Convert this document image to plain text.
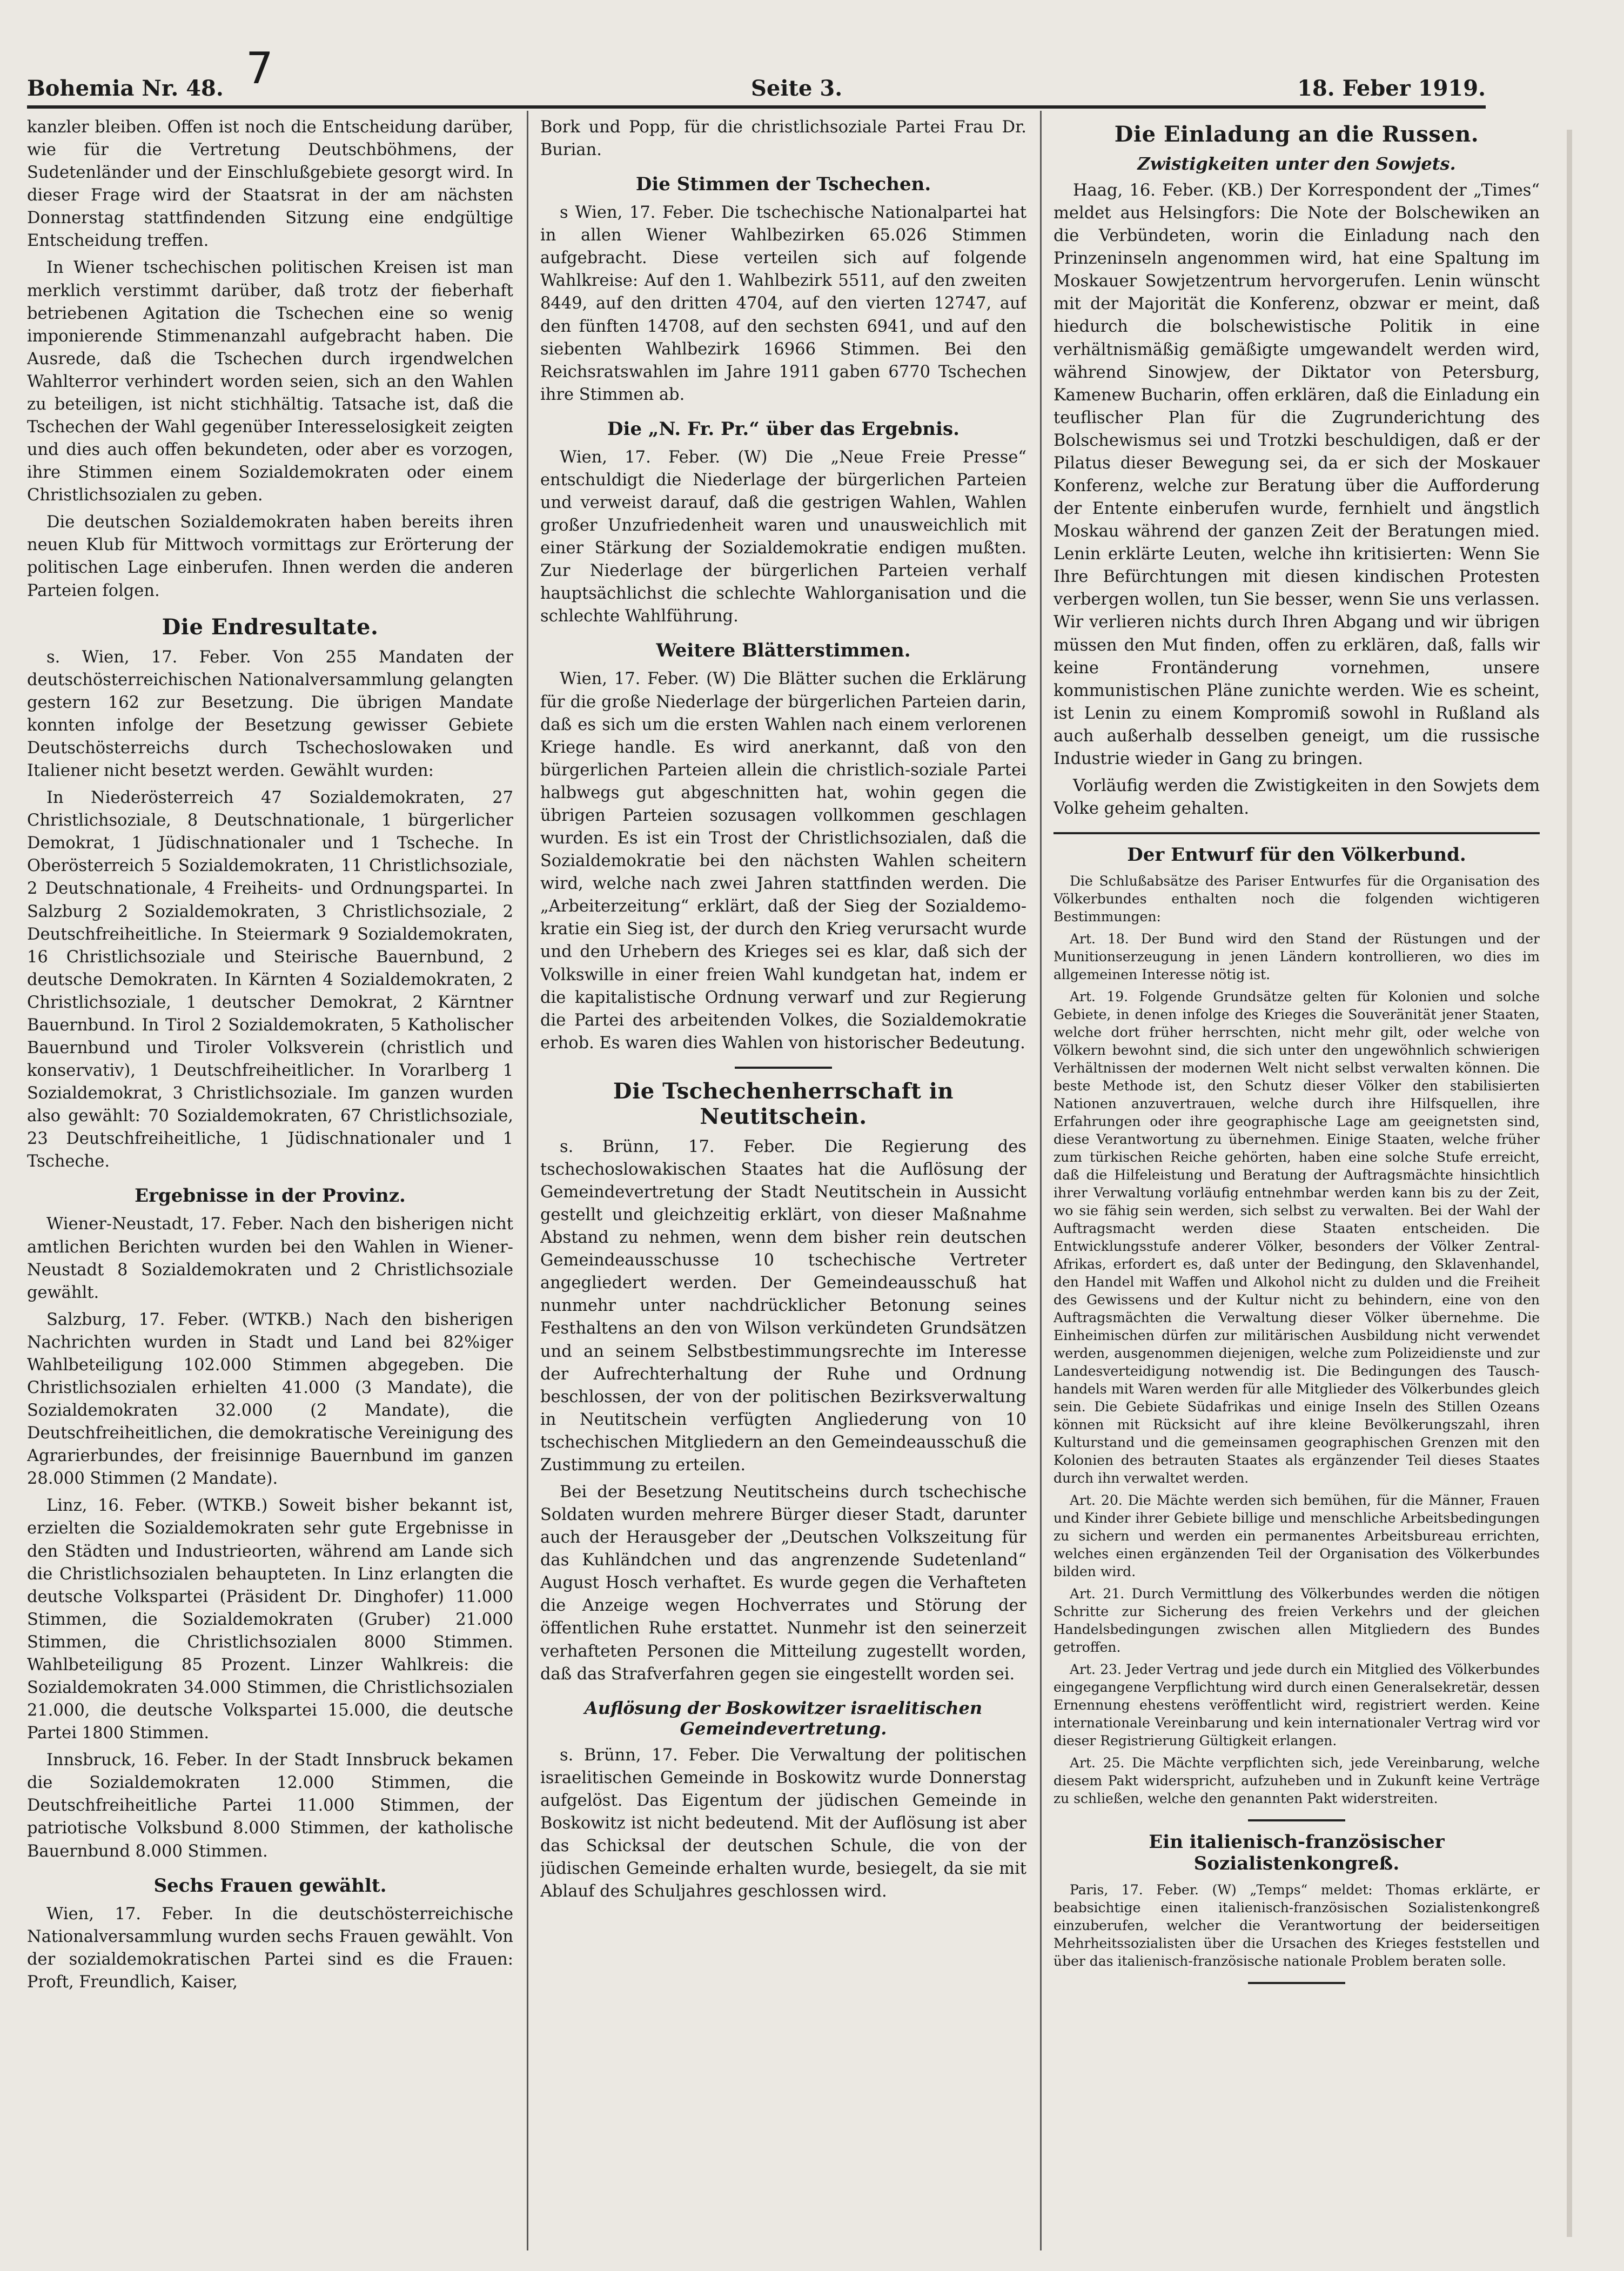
Bohemia Nr. 48. 7	Seite 3.	18. Feber 1919.

kanzler bleiben. Offen ist noch die Entscheidung darüber, wie für die Vertretung Deutschböhmens, der Sudetenländer und der Einschlußgebiete gesorgt wird. In dieser Frage wird der Staatsrat in der am nächsten Donnerstag stattfindenden Sitzung eine endgültige Entscheidung treffen.

In Wiener tschechischen politischen Kreisen ist man merklich verstimmt darüber, daß trotz der fieberhaft betriebenen Agitation die Tschechen eine so wenig imponierende Stimmenanzahl aufgebracht haben. Die Ausrede, daß die Tschechen durch irgendwelchen Wahlterror verhindert worden seien, sich an den Wahlen zu beteiligen, ist nicht stichhältig. Tatsache ist, daß die Tschechen der Wahl gegenüber Interesselosigkeit zeigten und dies auch offen bekundeten, oder aber es vorzogen, ihre Stimmen einem Sozialdemokraten oder einem Christlichsozialen zu geben.

Die deutschen Sozialdemokraten haben bereits ihren neuen Klub für Mittwoch vormittags zur Erörterung der politischen Lage einberufen. Ihnen werden die anderen Parteien folgen.

Die Endresultate.

s. Wien, 17. Feber. Von 255 Mandaten der deutschösterreichischen Nationalversammlung gelangten gestern 162 zur Besetzung. Die übrigen Mandate konnten infolge der Besetzung gewisser Gebiete Deutschösterreichs durch Tschechoslowaken und Italiener nicht besetzt werden. Gewählt wurden:

In Niederösterreich 47 Sozialdemokraten, 27 Christlichsoziale, 8 Deutschnationale, 1 bürgerlicher Demokrat, 1 Jüdischnationaler und 1 Tscheche. In Oberösterreich 5 Sozialdemokraten, 11 Christlichsoziale, 2 Deutschnationale, 4 Freiheits- und Ordnungspartei. In Salzburg 2 Sozialdemokraten, 3 Christlichsoziale, 2 Deutschfreiheitliche. In Steiermark 9 Sozialdemokraten, 16 Christlichsoziale und Steirische Bauernbund, 2 deutsche Demokraten. In Kärnten 4 Sozialdemokraten, 2 Christlichsoziale, 1 deutscher Demokrat, 2 Kärntner Bauernbund. In Tirol 2 Sozialdemokraten, 5 Katholischer Bauernbund und Tiroler Volksverein (christlich und konservativ), 1 Deutschfreiheitlicher. In Vorarlberg 1 Sozialdemokrat, 3 Christlichsoziale. Im ganzen wurden also gewählt: 70 Sozialdemokraten, 67 Christlichsoziale, 23 Deutschfreiheitliche, 1 Jüdischnationaler und 1 Tscheche.

Ergebnisse in der Provinz.

Wiener-Neustadt, 17. Feber. Nach den bisherigen nicht amtlichen Berichten wurden bei den Wahlen in Wiener-Neustadt 8 Sozialdemokraten und 2 Christlichsoziale gewählt.

Salzburg, 17. Feber. (WTKB.) Nach den bisherigen Nachrichten wurden in Stadt und Land bei 82%iger Wahlbeteiligung 102.000 Stimmen abgegeben. Die Christlichsozialen erhielten 41.000 (3 Mandate), die Sozialdemokraten 32.000 (2 Mandate), die Deutschfreiheitlichen, die demokratische Vereinigung des Agrarierbundes, der freisinnige Bauernbund im ganzen 28.000 Stimmen (2 Mandate).

Linz, 16. Feber. (WTKB.) Soweit bisher bekannt ist, erzielten die Sozialdemokraten sehr gute Ergebnisse in den Städten und Industrieorten, während am Lande sich die Christlichsozialen behaupteten. In Linz erlangten die deutsche Volkspartei (Präsident Dr. Dinghofer) 11.000 Stimmen, die Sozialdemokraten (Gruber) 21.000 Stimmen, die Christlichsozialen 8000 Stimmen. Wahlbeteiligung 85 Prozent. Linzer Wahlkreis: die Sozialdemokraten 34.000 Stimmen, die Christlichsozialen 21.000, die deutsche Volkspartei 15.000, die deutsche Partei 1800 Stimmen.

Innsbruck, 16. Feber. In der Stadt Innsbruck bekamen die Sozialdemokraten 12.000 Stimmen, die Deutschfreiheitliche Partei 11.000 Stimmen, der patriotische Volksbund 8.000 Stimmen, der katholische Bauernbund 8.000 Stimmen.

Sechs Frauen gewählt.

Wien, 17. Feber. In die deutschösterreichische Nationalversammlung wurden sechs Frauen gewählt. Von der sozialdemokratischen Partei sind es die Frauen: Proft, Freundlich, Kaiser,

Bork und Popp, für die christlichsoziale Partei Frau Dr. Burian.

Die Stimmen der Tschechen.

s Wien, 17. Feber. Die tschechische Nationalpartei hat in allen Wiener Wahlbezirken 65.026 Stimmen aufgebracht. Diese verteilen sich auf folgende Wahlkreise: Auf den 1. Wahlbezirk 5511, auf den zweiten 8449, auf den dritten 4704, auf den vierten 12747, auf den fünften 14708, auf den sechsten 6941, und auf den siebenten Wahlbezirk 16966 Stimmen. Bei den Reichsratswahlen im Jahre 1911 gaben 6770 Tschechen ihre Stimmen ab.

Die „N. Fr. Pr.“ über das Ergebnis.

Wien, 17. Feber. (W) Die „Neue Freie Presse“ entschuldigt die Niederlage der bürgerlichen Parteien und verweist darauf, daß die gestrigen Wahlen, Wahlen großer Unzufriedenheit waren und unausweichlich mit einer Stärkung der Sozialdemokratie endigen mußten. Zur Niederlage der bürgerlichen Parteien verhalf hauptsächlichst die schlechte Wahlorganisation und die schlechte Wahlführung.

Weitere Blätterstimmen.

Wien, 17. Feber. (W) Die Blätter suchen die Erklärung für die große Niederlage der bürgerlichen Parteien darin, daß es sich um die ersten Wahlen nach einem verlorenen Kriege handle. Es wird anerkannt, daß von den bürgerlichen Parteien allein die christlich-soziale Partei halbwegs gut abgeschnitten hat, wohin gegen die übrigen Parteien sozusagen vollkommen geschlagen wurden. Es ist ein Trost der Christlichsozialen, daß die Sozialdemokratie bei den nächsten Wahlen scheitern wird, welche nach zwei Jahren stattfinden werden. Die „Arbeiterzeitung“ erklärt, daß der Sieg der Sozialdemokratie ein Sieg ist, der durch den Krieg verursacht wurde und den Urhebern des Krieges sei es klar, daß sich der Volkswille in einer freien Wahl kundgetan hat, indem er die kapitalistische Ordnung verwarf und zur Regierung die Partei des arbeitenden Volkes, die Sozialdemokratie erhob. Es waren dies Wahlen von historischer Bedeutung.

Die Tschechenherrschaft in Neutitschein.

s. Brünn, 17. Feber. Die Regierung des tschechoslowakischen Staates hat die Auflösung der Gemeindevertretung der Stadt Neutitschein in Aussicht gestellt und gleichzeitig erklärt, von dieser Maßnahme Abstand zu nehmen, wenn dem bisher rein deutschen Gemeindeausschusse 10 tschechische Vertreter angegliedert werden. Der Gemeindeausschuß hat nunmehr unter nachdrücklicher Betonung seines Festhaltens an den von Wilson verkündeten Grundsätzen und an seinem Selbstbestimmungsrechte im Interesse der Aufrechterhaltung der Ruhe und Ordnung beschlossen, der von der politischen Bezirksverwaltung in Neutitschein verfügten Angliederung von 10 tschechischen Mitgliedern an den Gemeindeausschuß die Zustimmung zu erteilen.

Bei der Besetzung Neutitscheins durch tschechische Soldaten wurden mehrere Bürger dieser Stadt, darunter auch der Herausgeber der „Deutschen Volkszeitung für das Kuhländchen und das angrenzende Sudetenland“ August Hosch verhaftet. Es wurde gegen die Verhafteten die Anzeige wegen Hochverrates und Störung der öffentlichen Ruhe erstattet. Nunmehr ist den seinerzeit verhafteten Personen die Mitteilung zugestellt worden, daß das Strafverfahren gegen sie eingestellt worden sei.

Auflösung der Boskowitzer israelitischen Gemeindevertretung.

s. Brünn, 17. Feber. Die Verwaltung der politischen israelitischen Gemeinde in Boskowitz wurde Donnerstag aufgelöst. Das Eigentum der jüdischen Gemeinde in Boskowitz ist nicht bedeutend. Mit der Auflösung ist aber das Schicksal der deutschen Schule, die von der jüdischen Gemeinde erhalten wurde, besiegelt, da sie mit Ablauf des Schuljahres geschlossen wird.

Die Einladung an die Russen.
Zwistigkeiten unter den Sowjets.

Haag, 16. Feber. (KB.) Der Korrespondent der „Times“ meldet aus Helsingfors: Die Note der Bolschewiken an die Verbündeten, worin die Einladung nach den Prinzeninseln angenommen wird, hat eine Spaltung im Moskauer Sowjetzentrum hervorgerufen. Lenin wünscht mit der Majorität die Konferenz, obzwar er meint, daß hiedurch die bolschewistische Politik in eine verhältnismäßig gemäßigte umgewandelt werden wird, während Sinowjew, der Diktator von Petersburg, Kamenew Bucharin, offen erklären, daß die Einladung ein teuflischer Plan für die Zugrunderichtung des Bolschewismus sei und Trotzki beschuldigen, daß er der Pilatus dieser Bewegung sei, da er sich der Moskauer Konferenz, welche zur Beratung über die Aufforderung der Entente einberufen wurde, fernhielt und ängstlich Moskau während der ganzen Zeit der Beratungen mied. Lenin erklärte Leuten, welche ihn kritisierten: Wenn Sie Ihre Befürchtungen mit diesen kindischen Protesten verbergen wollen, tun Sie besser, wenn Sie uns verlassen. Wir verlieren nichts durch Ihren Abgang und wir übrigen müssen den Mut finden, offen zu erklären, daß, falls wir keine Frontänderung vornehmen, unsere kommunistischen Pläne zunichte werden. Wie es scheint, ist Lenin zu einem Kompromiß sowohl in Rußland als auch außerhalb desselben geneigt, um die russische Industrie wieder in Gang zu bringen.

Vorläufig werden die Zwistigkeiten in den Sowjets dem Volke geheim gehalten.

Der Entwurf für den Völkerbund.

Die Schlußabsätze des Pariser Entwurfes für die Organisation des Völkerbundes enthalten noch die folgenden wichtigeren Bestimmungen:

Art. 18. Der Bund wird den Stand der Rüstungen und der Munitionserzeugung in jenen Ländern kontrollieren, wo dies im allgemeinen Interesse nötig ist.

Art. 19. Folgende Grundsätze gelten für Kolonien und solche Gebiete, in denen infolge des Krieges die Souveränität jener Staaten, welche dort früher herrschten, nicht mehr gilt, oder welche von Völkern bewohnt sind, die sich unter den ungewöhnlich schwierigen Verhältnissen der modernen Welt nicht selbst verwalten können. Die beste Methode ist, den Schutz dieser Völker den stabilisierten Nationen anzuvertrauen, welche durch ihre Hilfsquellen, ihre Erfahrungen oder ihre geographische Lage am geeignetsten sind, diese Verantwortung zu übernehmen. Einige Staaten, welche früher zum türkischen Reiche gehörten, haben eine solche Stufe erreicht, daß die Hilfeleistung und Beratung der Auftragsmächte hinsichtlich ihrer Verwaltung vorläufig entnehmbar werden kann bis zu der Zeit, wo sie fähig sein werden, sich selbst zu verwalten. Bei der Wahl der Auftragsmacht werden diese Staaten entscheiden. Die Entwicklungsstufe anderer Völker, besonders der Völker Zentral-Afrikas, erfordert es, daß unter der Bedingung, den Sklavenhandel, den Handel mit Waffen und Alkohol nicht zu dulden und die Freiheit des Gewissens und der Kultur nicht zu behindern, eine von den Auftragsmächten die Verwaltung dieser Völker übernehme. Die Einheimischen dürfen zur militärischen Ausbildung nicht verwendet werden, ausgenommen diejenigen, welche zum Polizeidienste und zur Landesverteidigung notwendig ist. Die Bedingungen des Tauschhandels mit Waren werden für alle Mitglieder des Völkerbundes gleich sein. Die Gebiete Südafrikas und einige Inseln des Stillen Ozeans können mit Rücksicht auf ihre kleine Bevölkerungszahl, ihren Kulturstand und die gemeinsamen geographischen Grenzen mit den Kolonien des betrauten Staates als ergänzender Teil dieses Staates durch ihn verwaltet werden.

Art. 20. Die Mächte werden sich bemühen, für die Männer, Frauen und Kinder ihrer Gebiete billige und menschliche Arbeitsbedingungen zu sichern und werden ein permanentes Arbeitsbureau errichten, welches einen ergänzenden Teil der Organisation des Völkerbundes bilden wird.

Art. 21. Durch Vermittlung des Völkerbundes werden die nötigen Schritte zur Sicherung des freien Verkehrs und der gleichen Handelsbedingungen zwischen allen Mitgliedern des Bundes getroffen.

Art. 23. Jeder Vertrag und jede durch ein Mitglied des Völkerbundes eingegangene Verpflichtung wird durch einen Generalsekretär, dessen Ernennung ehestens veröffentlicht wird, registriert werden. Keine internationale Vereinbarung und kein internationaler Vertrag wird vor dieser Registrierung Gültigkeit erlangen.

Art. 25. Die Mächte verpflichten sich, jede Vereinbarung, welche diesem Pakt widerspricht, aufzuheben und in Zukunft keine Verträge zu schließen, welche den genannten Pakt widerstreiten.

Ein italienisch-französischer Sozialistenkongreß.

Paris, 17. Feber. (W) „Temps“ meldet: Thomas erklärte, er beabsichtige einen italienisch-französischen Sozialistenkongreß einzuberufen, welcher die Verantwortung der beiderseitigen Mehrheitssozialisten über die Ursachen des Krieges feststellen und über das italienisch-französische nationale Problem beraten solle.
